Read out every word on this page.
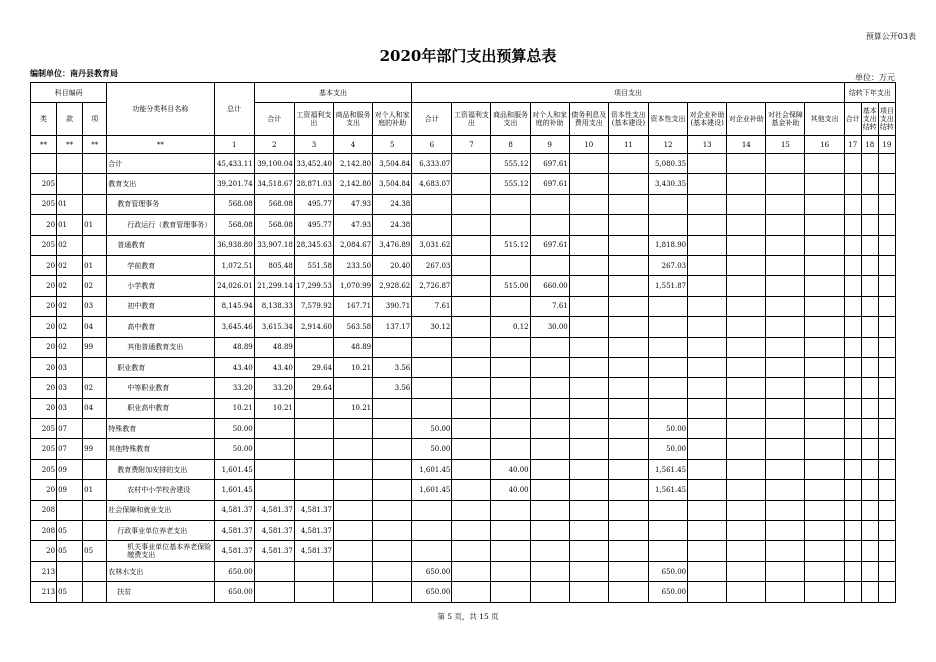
预算公开03表
2020年部门支出预算总表
编制单位：南丹县教育局	单位：万元
科目编码			功能分类科目名称	总计	基本支出				项目支出											结转下年支出		
类	款	项			合计	工资福利支出	商品和服务支出	对个人和家庭的补助	合计	工资福利支出	商品和服务支出	对个人和家庭的补助	债务利息及费用支出	资本性支出(基本建设)	资本性支出	对企业补助(基本建设)	对企业补助	对社会保障基金补助	其他支出	合计	基本支出结转	项目支出结转
**	**	**	**	1	2	3	4	5	6	7	8	9	10	11	12	13	14	15	16	17	18	19
			合计	45,433.11	39,100.04	33,452.40	2,142.80	3,504.84	6,333.07		555.12	697.61			5,080.35							
205			教育支出	39,201.74	34,518.67	28,871.03	2,142.80	3,504.84	4,683.07		555.12	697.61			3,430.35							
205	01		教育管理事务	568.08	568.08	495.77	47.93	24.38														
20	01	01	行政运行（教育管理事务）	568.08	568.08	495.77	47.93	24.38														
205	02		普通教育	36,938.80	33,907.18	28,345.63	2,084.67	3,476.89	3,031.62		515.12	697.61			1,818.90							
20	02	01	学前教育	1,072.51	805.48	551.58	233.50	20.40	267.03						267.03							
20	02	02	小学教育	24,026.01	21,299.14	17,299.53	1,070.99	2,928.62	2,726.87		515.00	660.00			1,551.87							
20	02	03	初中教育	8,145.94	8,138.33	7,579.92	167.71	390.71	7.61			7.61										
20	02	04	高中教育	3,645.46	3,615.34	2,914.60	563.58	137.17	30.12		0.12	30.00										
20	02	99	其他普通教育支出	48.89	48.89		48.89															
20	03		职业教育	43.40	43.40	29.64	10.21	3.56														
20	03	02	中等职业教育	33.20	33.20	29.64		3.56														
20	03	04	职业高中教育	10.21	10.21		10.21															
205	07		特殊教育	50.00					50.00						50.00							
205	07	99	其他特殊教育	50.00					50.00						50.00							
205	09		教育费附加安排的支出	1,601.45					1,601.45		40.00				1,561.45							
20	09	01	农村中小学校舍建设	1,601.45					1,601.45		40.00				1,561.45							
208			社会保障和就业支出	4,581.37	4,581.37	4,581.37																
208	05		行政事业单位养老支出	4,581.37	4,581.37	4,581.37																
20	05	05	机关事业单位基本养老保险缴费支出	4,581.37	4,581.37	4,581.37																
213			农林水支出	650.00					650.00						650.00							
213	05		扶贫	650.00					650.00						650.00							
第 5 页，共 15 页
